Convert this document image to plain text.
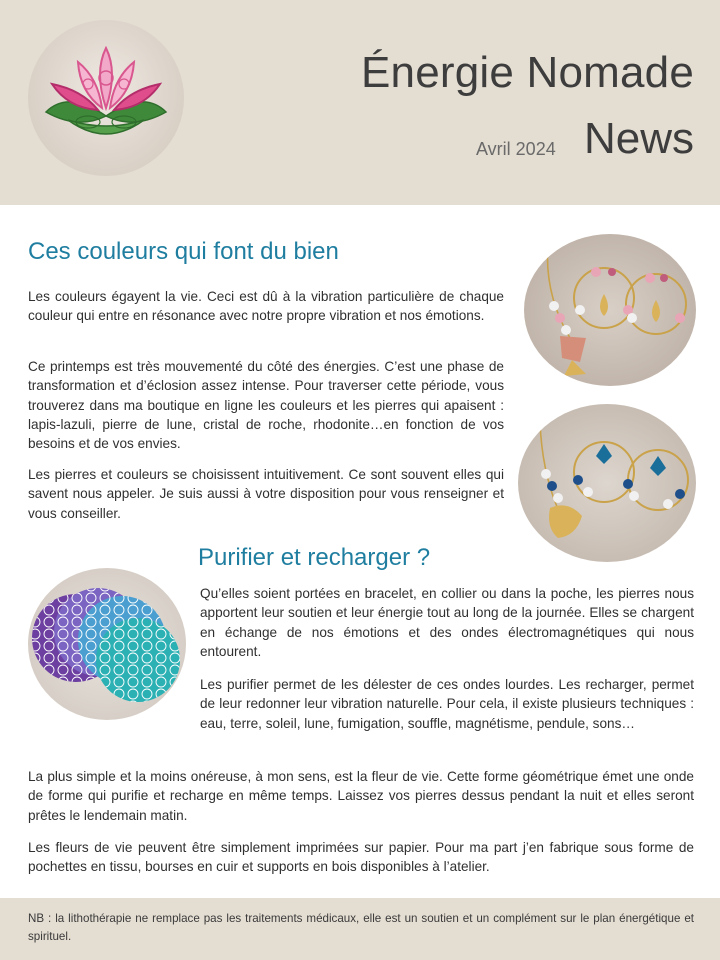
Énergie Nomade
Avril 2024 News
Ces couleurs qui font du bien

Les couleurs égayent la vie. Ceci est dû à la vibration particulière de chaque couleur qui entre en résonance avec notre propre vibration et nos émotions.

Ce printemps est très mouvementé du côté des énergies. C’est une phase de transformation et d’éclosion assez intense. Pour traverser cette période, vous trouverez dans ma boutique en ligne les couleurs et les pierres qui apaisent : lapis-lazuli, pierre de lune, cristal de roche, rhodonite…en fonction de vos besoins et de vos envies.

Les pierres et couleurs se choisissent intuitivement. Ce sont souvent elles qui savent nous appeler. Je suis aussi à votre disposition pour vous renseigner et vous conseiller.

Purifier et recharger ?

Qu’elles soient portées en bracelet, en collier ou dans la poche, les pierres nous apportent leur soutien et leur énergie tout au long de la journée. Elles se chargent en échange de nos émotions et des ondes électromagnétiques qui nous entourent.

Les purifier permet de les délester de ces ondes lourdes. Les recharger, permet de leur redonner leur vibration naturelle. Pour cela, il existe plusieurs techniques : eau, terre, soleil, lune, fumigation, souffle, magnétisme, pendule, sons…

La plus simple et la moins onéreuse, à mon sens, est la fleur de vie. Cette forme géométrique émet une onde de forme qui purifie et recharge en même temps. Laissez vos pierres dessus pendant la nuit et elles seront prêtes le lendemain matin.

Les fleurs de vie peuvent être simplement imprimées sur papier. Pour ma part j’en fabrique sous forme de pochettes en tissu, bourses en cuir et supports en bois disponibles à l’atelier.

NB : la lithothérapie ne remplace pas les traitements médicaux, elle est un soutien et un complément sur le plan énergétique et spirituel.
